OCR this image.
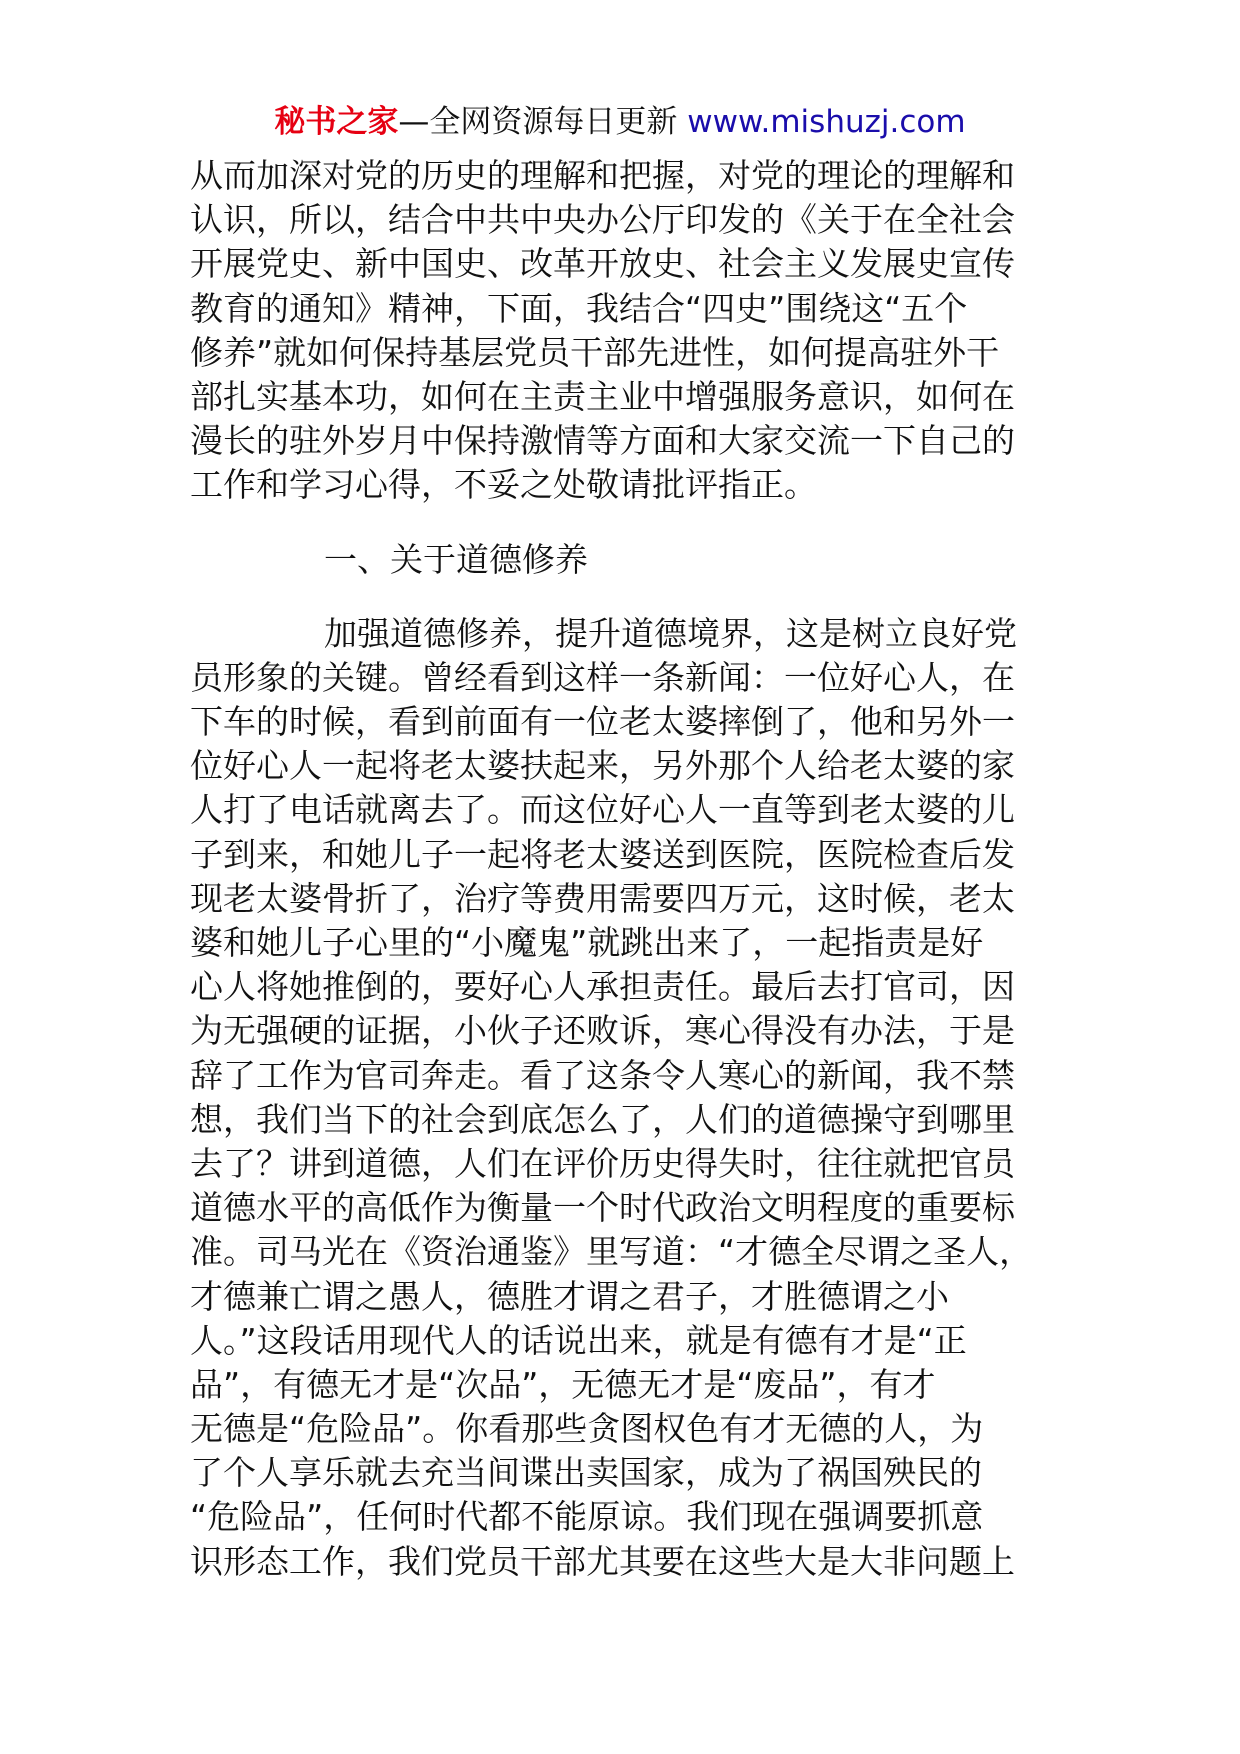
秘书之家—全网资源每日更新 www.mishuzj.com
从而加深对党的历史的理解和把握，对党的理论的理解和
认识，所以，结合中共中央办公厅印发的《关于在全社会
开展党史、新中国史、改革开放史、社会主义发展史宣传
教育的通知》精神，下面，我结合“四史”围绕这“五个
修养”就如何保持基层党员干部先进性，如何提高驻外干
部扎实基本功，如何在主责主业中增强服务意识，如何在
漫长的驻外岁月中保持激情等方面和大家交流一下自己的
工作和学习心得，不妥之处敬请批评指正。
一、关于道德修养
加强道德修养，提升道德境界，这是树立良好党
员形象的关键。曾经看到这样一条新闻：一位好心人，在
下车的时候，看到前面有一位老太婆摔倒了，他和另外一
位好心人一起将老太婆扶起来，另外那个人给老太婆的家
人打了电话就离去了。而这位好心人一直等到老太婆的儿
子到来，和她儿子一起将老太婆送到医院，医院检查后发
现老太婆骨折了，治疗等费用需要四万元，这时候，老太
婆和她儿子心里的“小魔鬼”就跳出来了，一起指责是好
心人将她推倒的，要好心人承担责任。最后去打官司，因
为无强硬的证据，小伙子还败诉，寒心得没有办法，于是
辞了工作为官司奔走。看了这条令人寒心的新闻，我不禁
想，我们当下的社会到底怎么了，人们的道德操守到哪里
去了？讲到道德，人们在评价历史得失时，往往就把官员
道德水平的高低作为衡量一个时代政治文明程度的重要标
准。司马光在《资治通鉴》里写道：“才德全尽谓之圣人，
才德兼亡谓之愚人，德胜才谓之君子，才胜德谓之小
人。”这段话用现代人的话说出来，就是有德有才是“正
品”，有德无才是“次品”，无德无才是“废品”，有才
无德是“危险品”。你看那些贪图权色有才无德的人，为
了个人享乐就去充当间谍出卖国家，成为了祸国殃民的
“危险品”，任何时代都不能原谅。我们现在强调要抓意
识形态工作，我们党员干部尤其要在这些大是大非问题上
